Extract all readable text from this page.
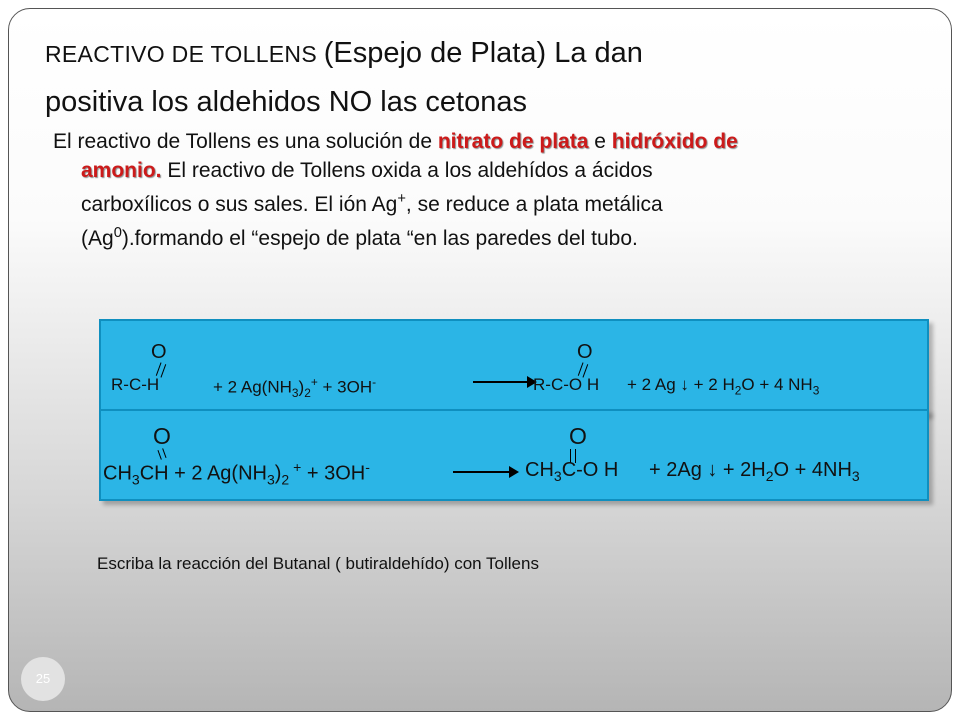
REACTIVO DE TOLLENS (Espejo de Plata) La dan
positiva los aldehidos NO las cetonas
El reactivo de Tollens es una solución de nitrato de plata e hidróxido de
amonio. El reactivo de Tollens oxida a los aldehídos a ácidos
carboxílicos o sus sales. El ión Ag+, se reduce a plata metálica
(Ag$^0$).formando el “espejo de plata “en las paredes del tubo.
O	O
R-C-H	+ 2 $Ag(NH_3)_2^+ + 3OH^-$	R-C-O H + 2 Ag ↓ + 2 $H_2O + 4$ $NH_3$
O	O
$CH_3CH + 2$ $Ag(NH_3)_2$ + + 3OH-	$CH_3C-O$ H + 2Ag ↓ + $2H_2O + 4NH_3$
Escriba la reacción del Butanal ( butiraldehído) con Tollens
25
